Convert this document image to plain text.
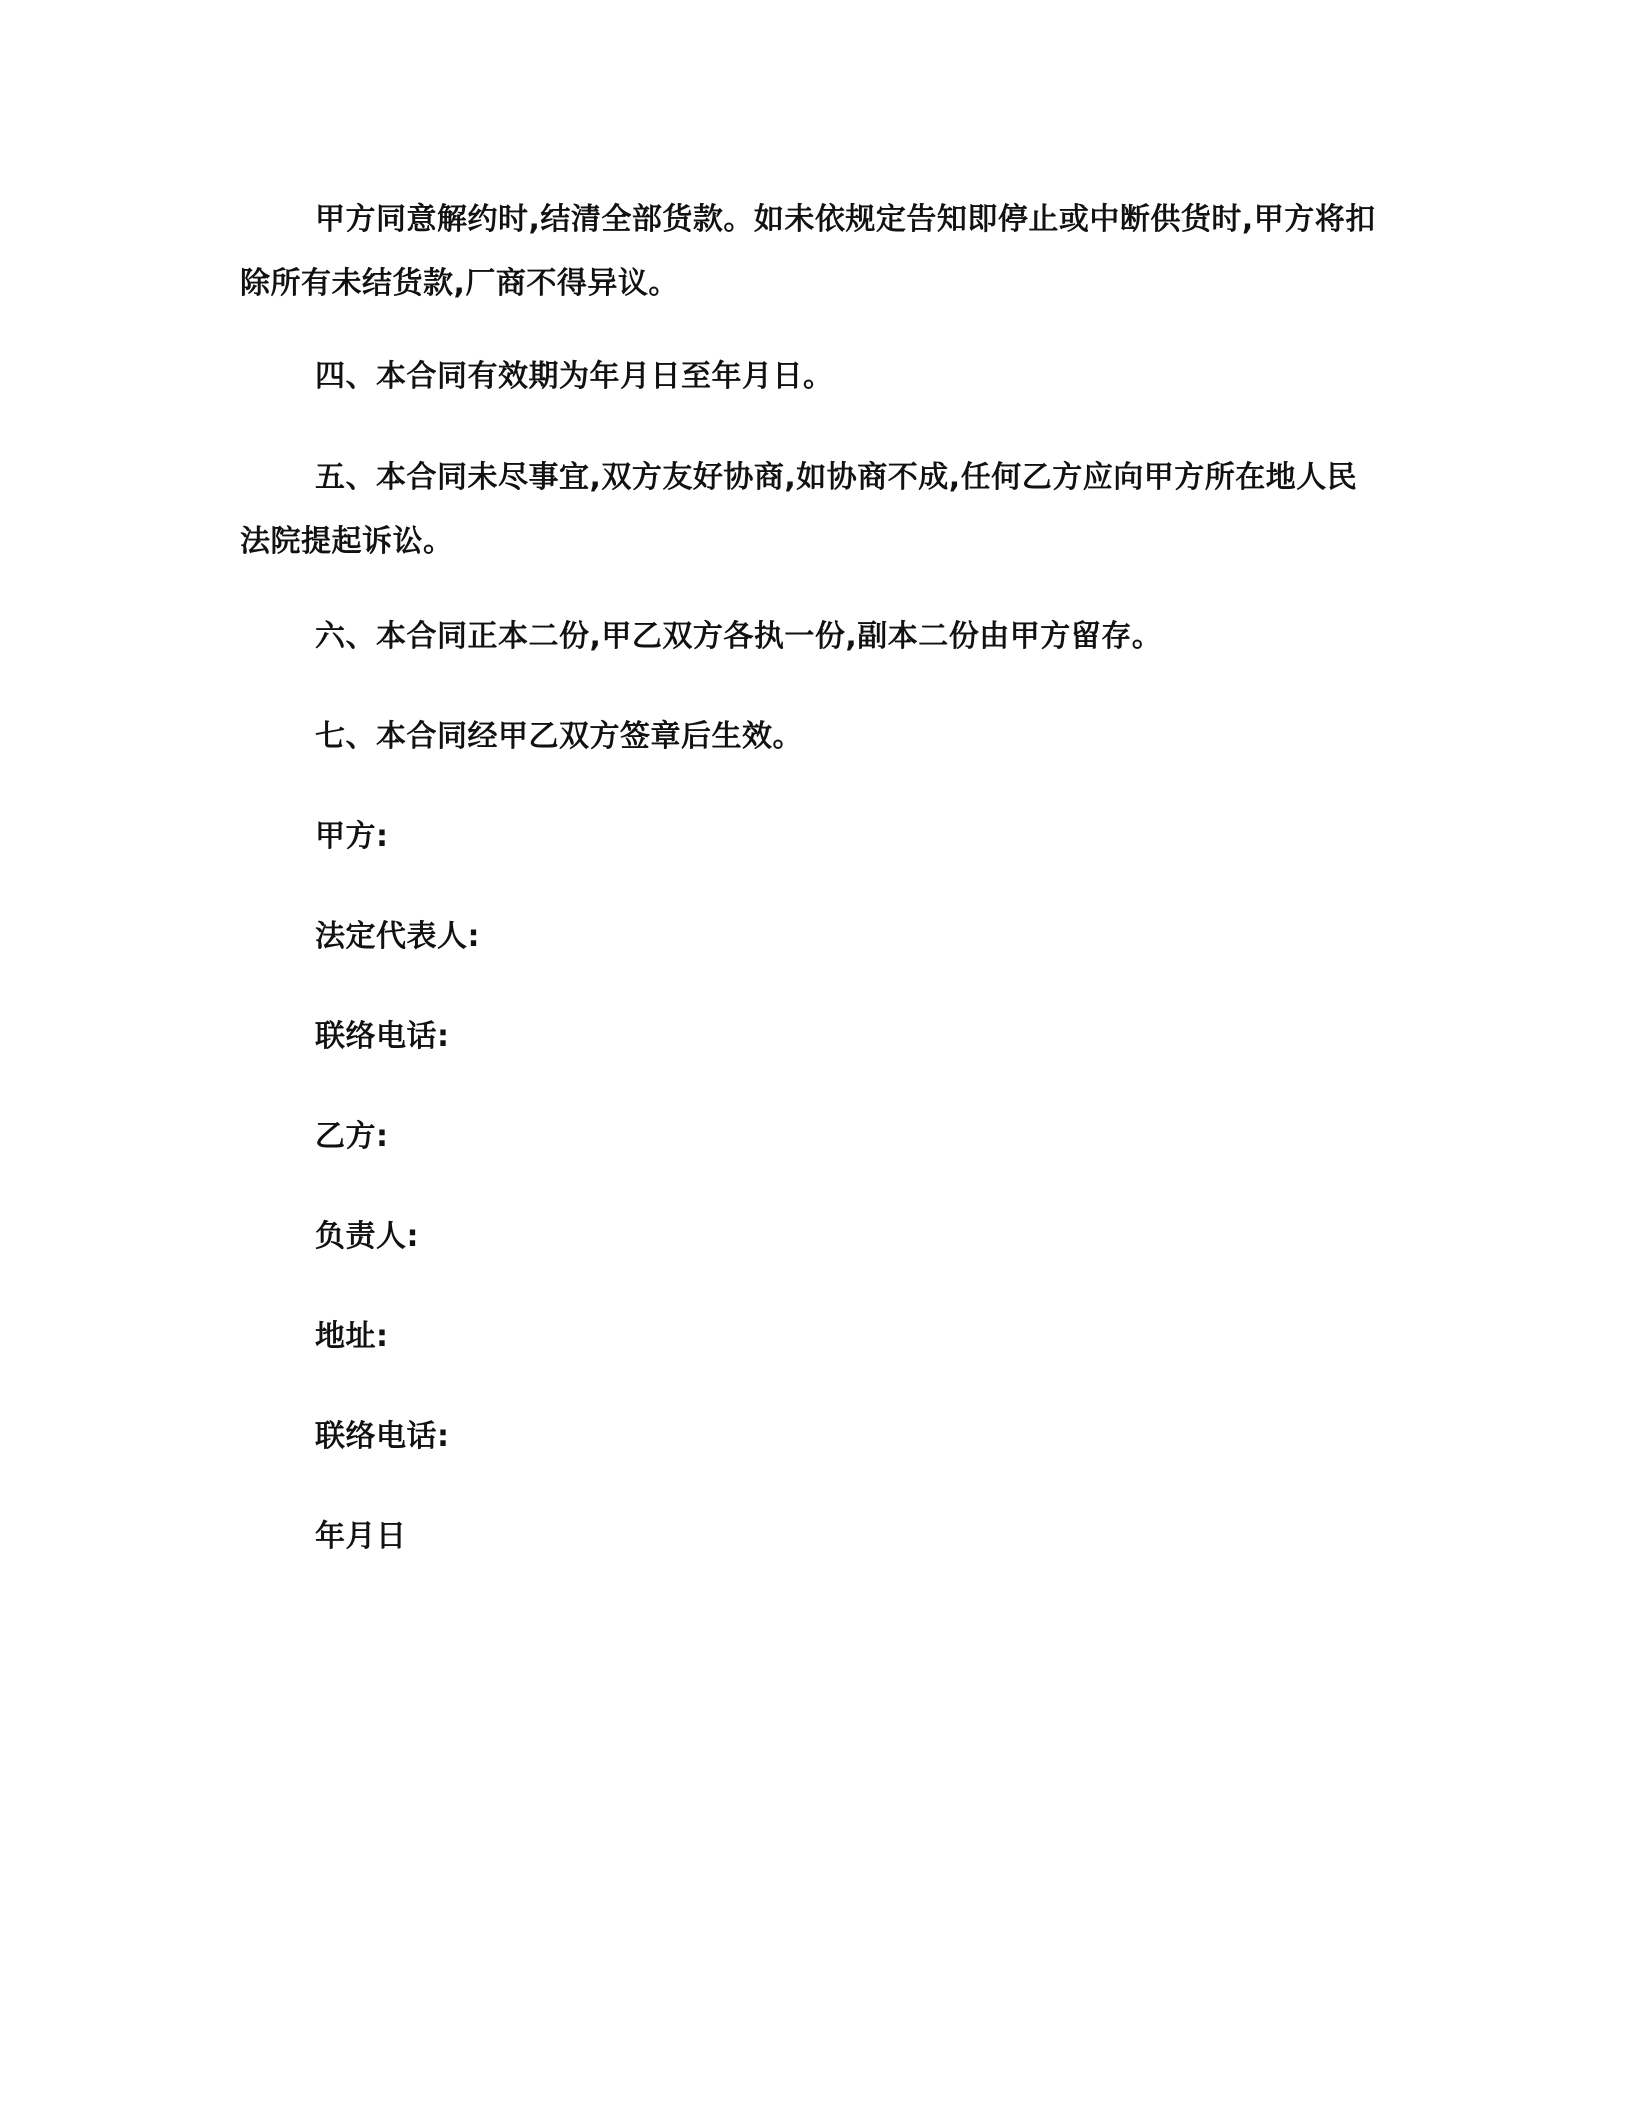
甲方同意解约时,结清全部货款。如未依规定告知即停止或中断供货时,甲方将扣除所有未结货款,厂商不得异议。

四、本合同有效期为年月日至年月日。

五、本合同未尽事宜,双方友好协商,如协商不成,任何乙方应向甲方所在地人民法院提起诉讼。

六、本合同正本二份,甲乙双方各执一份,副本二份由甲方留存。

七、本合同经甲乙双方签章后生效。

甲方:

法定代表人:

联络电话:

乙方:

负责人:

地址:

联络电话:

年月日
